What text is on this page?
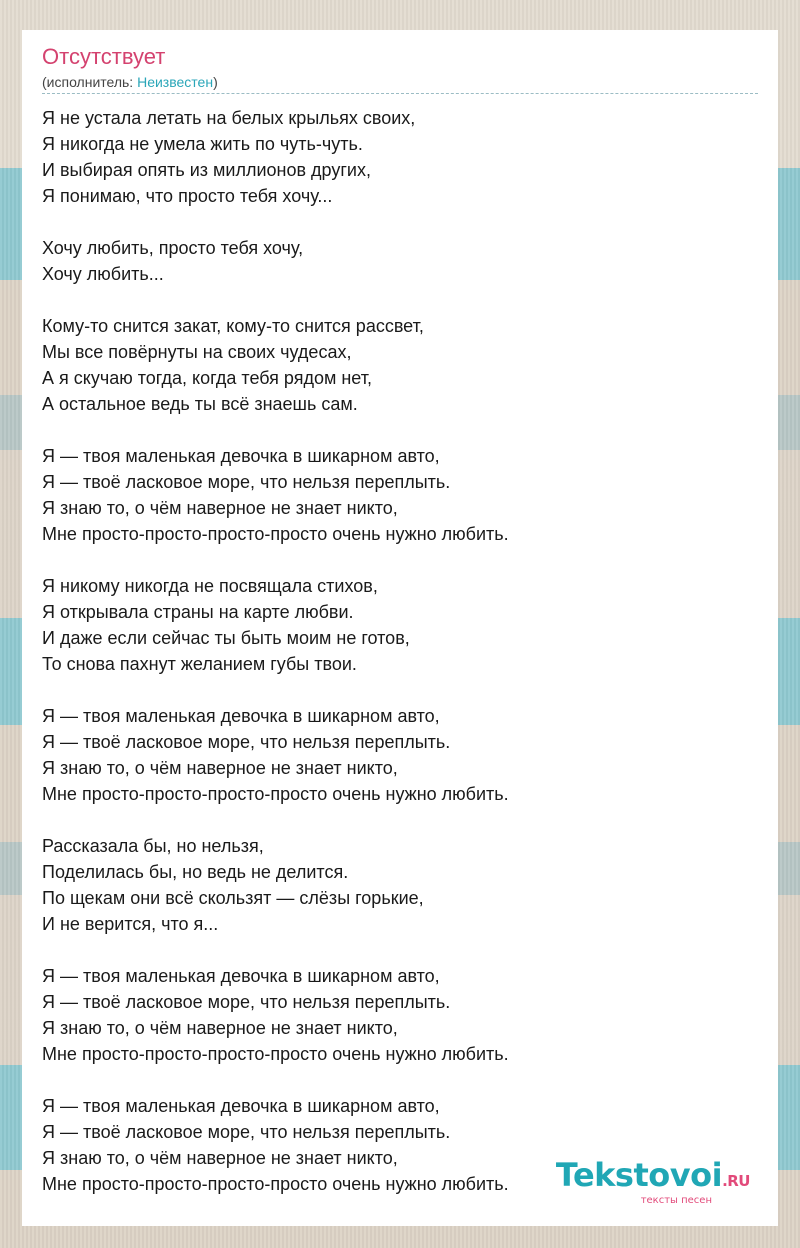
Отсутствует
(исполнитель: Неизвестен)
Я не устала летать на белых крыльях своих,
Я никогда не умела жить по чуть-чуть.
И выбирая опять из миллионов других,
Я понимаю, что просто тебя хочу...
Хочу любить, просто тебя хочу,
Хочу любить...
Кому-то снится закат, кому-то снится рассвет,
Мы все повёрнуты на своих чудесах,
А я скучаю тогда, когда тебя рядом нет,
А остальное ведь ты всё знаешь сам.
Я — твоя маленькая девочка в шикарном авто,
Я — твоё ласковое море, что нельзя переплыть.
Я знаю то, о чём наверное не знает никто,
Мне просто-просто-просто-просто очень нужно любить.
Я никому никогда не посвящала стихов,
Я открывала страны на карте любви.
И даже если сейчас ты быть моим не готов,
То снова пахнут желанием губы твои.
Я — твоя маленькая девочка в шикарном авто,
Я — твоё ласковое море, что нельзя переплыть.
Я знаю то, о чём наверное не знает никто,
Мне просто-просто-просто-просто очень нужно любить.
Рассказала бы, но нельзя,
Поделилась бы, но ведь не делится.
По щекам они всё скользят — слёзы горькие,
И не верится, что я...
Я — твоя маленькая девочка в шикарном авто,
Я — твоё ласковое море, что нельзя переплыть.
Я знаю то, о чём наверное не знает никто,
Мне просто-просто-просто-просто очень нужно любить.
Я — твоя маленькая девочка в шикарном авто,
Я — твоё ласковое море, что нельзя переплыть.
Я знаю то, о чём наверное не знает никто,
Мне просто-просто-просто-просто очень нужно любить.	Tekstovoi.RU
тексты песен
